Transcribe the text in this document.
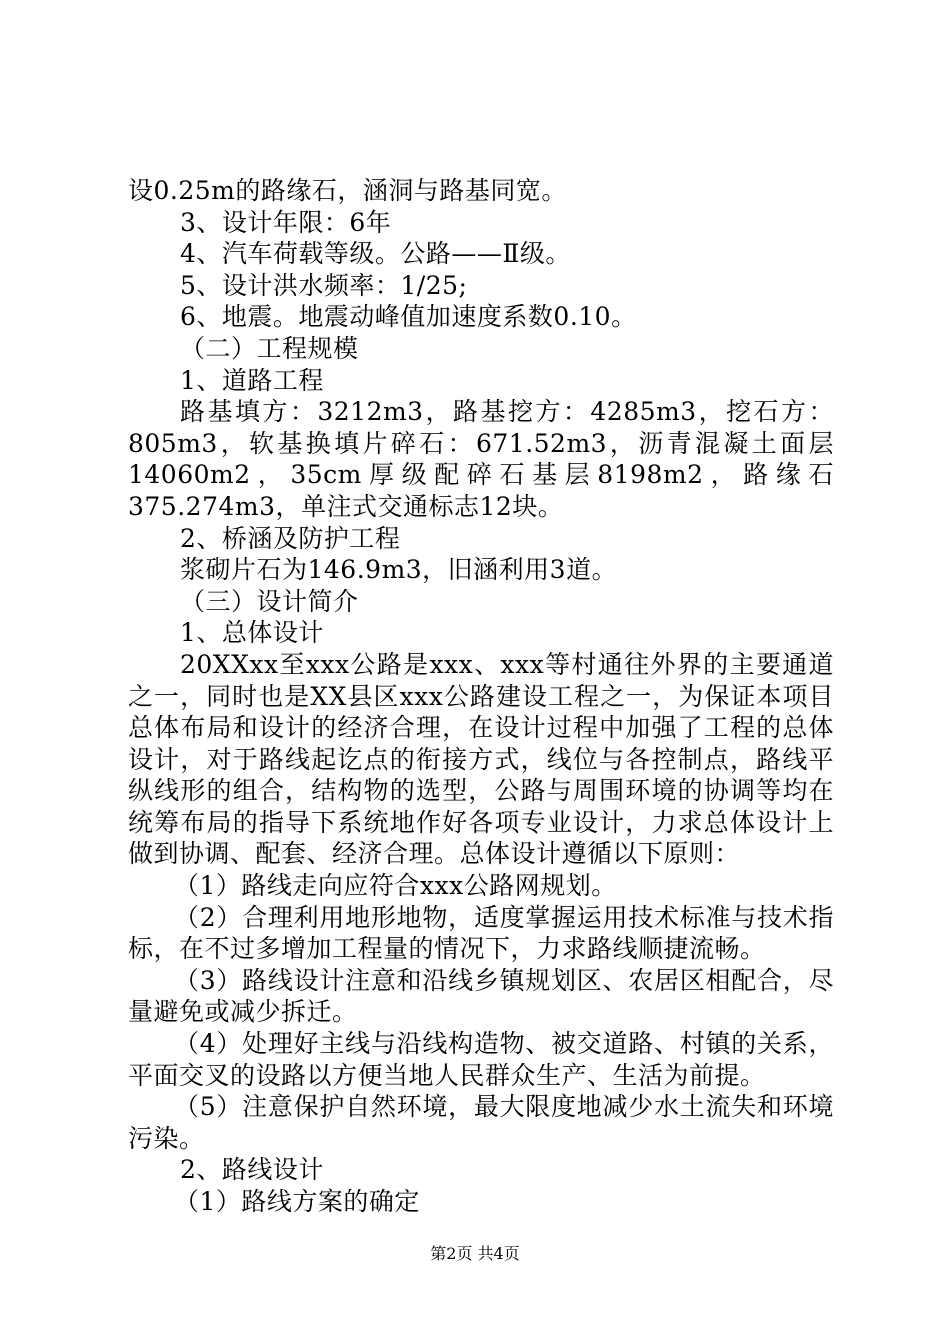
设0.25m的路缘石，涵洞与路基同宽。

3、设计年限：6年

4、汽车荷载等级。公路——Ⅱ级。

5、设计洪水频率：1/25;

6、地震。地震动峰值加速度系数0.10。

（二）工程规模

1、道路工程

路基填方：3212m3，路基挖方：4285m3，挖石方：805m3，软基换填片碎石：671.52m3，沥青混凝土面层14060m2，35cm厚级配碎石基层8198m2，路缘石375.274m3，单注式交通标志12块。

2、桥涵及防护工程

浆砌片石为146.9m3，旧涵利用3道。

（三）设计简介

1、总体设计

20XXxx至xxx公路是xxx、xxx等村通往外界的主要通道之一，同时也是XX县区xxx公路建设工程之一，为保证本项目总体布局和设计的经济合理，在设计过程中加强了工程的总体设计，对于路线起讫点的衔接方式，线位与各控制点，路线平纵线形的组合，结构物的选型，公路与周围环境的协调等均在统筹布局的指导下系统地作好各项专业设计，力求总体设计上做到协调、配套、经济合理。总体设计遵循以下原则：

（1）路线走向应符合xxx公路网规划。

（2）合理利用地形地物，适度掌握运用技术标准与技术指标，在不过多增加工程量的情况下，力求路线顺捷流畅。

（3）路线设计注意和沿线乡镇规划区、农居区相配合，尽量避免或减少拆迁。

（4）处理好主线与沿线构造物、被交道路、村镇的关系，平面交叉的设路以方便当地人民群众生产、生活为前提。

（5）注意保护自然环境，最大限度地减少水土流失和环境污染。

2、路线设计

（1）路线方案的确定

第2页 共4页
